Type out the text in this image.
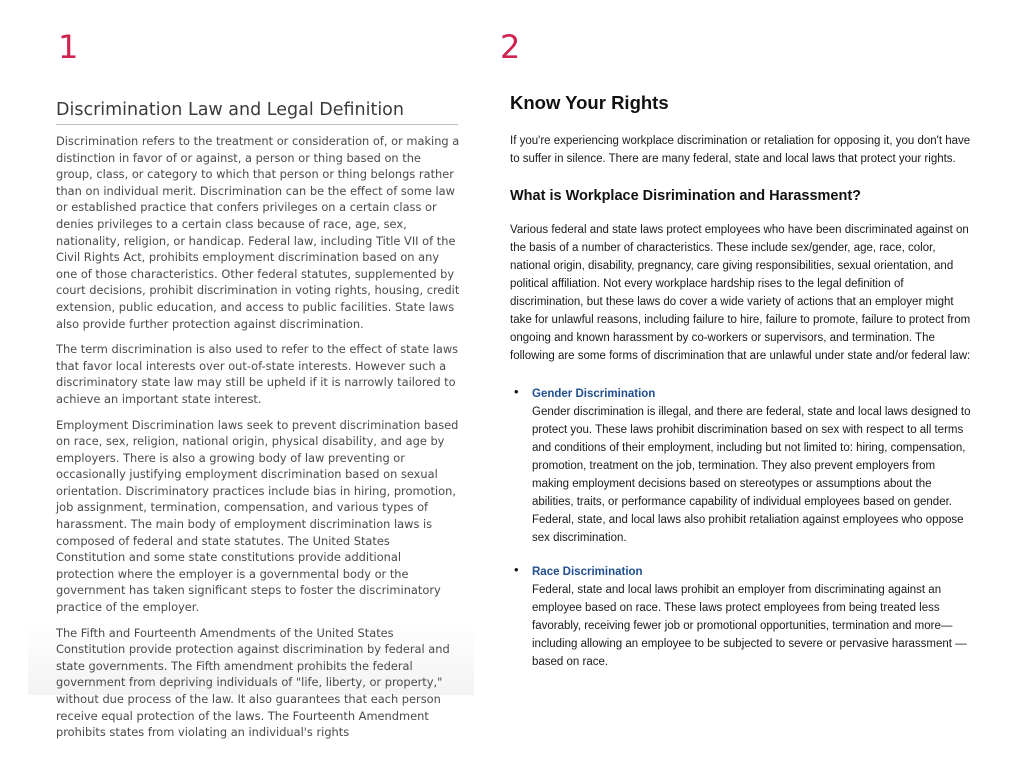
1	2
Discrimination Law and Legal Definition

Discrimination refers to the treatment or consideration of, or making a distinction in favor of or against, a person or thing based on the group, class, or category to which that person or thing belongs rather than on individual merit. Discrimination can be the effect of some law or established practice that confers privileges on a certain class or denies privileges to a certain class because of race, age, sex, nationality, religion, or handicap. Federal law, including Title VII of the Civil Rights Act, prohibits employment discrimination based on any one of those characteristics. Other federal statutes, supplemented by court decisions, prohibit discrimination in voting rights, housing, credit extension, public education, and access to public facilities. State laws also provide further protection against discrimination.

The term discrimination is also used to refer to the effect of state laws that favor local interests over out-of-state interests. However such a discriminatory state law may still be upheld if it is narrowly tailored to achieve an important state interest.

Employment Discrimination laws seek to prevent discrimination based on race, sex, religion, national origin, physical disability, and age by employers. There is also a growing body of law preventing or occasionally justifying employment discrimination based on sexual orientation. Discriminatory practices include bias in hiring, promotion, job assignment, termination, compensation, and various types of harassment. The main body of employment discrimination laws is composed of federal and state statutes. The United States Constitution and some state constitutions provide additional protection where the employer is a governmental body or the government has taken significant steps to foster the discriminatory practice of the employer.

The Fifth and Fourteenth Amendments of the United States Constitution provide protection against discrimination by federal and state governments. The Fifth amendment prohibits the federal government from depriving individuals of "life, liberty, or property," without due process of the law. It also guarantees that each person receive equal protection of the laws. The Fourteenth Amendment prohibits states from violating an individual's rights

Know Your Rights

If you're experiencing workplace discrimination or retaliation for opposing it, you don't have to suffer in silence. There are many federal, state and local laws that protect your rights.

What is Workplace Disrimination and Harassment?

Various federal and state laws protect employees who have been discriminated against on the basis of a number of characteristics. These include sex/gender, age, race, color, national origin, disability, pregnancy, care giving responsibilities, sexual orientation, and political affiliation. Not every workplace hardship rises to the legal definition of discrimination, but these laws do cover a wide variety of actions that an employer might take for unlawful reasons, including failure to hire, failure to promote, failure to protect from ongoing and known harassment by co-workers or supervisors, and termination. The following are some forms of discrimination that are unlawful under state and/or federal law:

• Gender Discrimination
Gender discrimination is illegal, and there are federal, state and local laws designed to protect you. These laws prohibit discrimination based on sex with respect to all terms and conditions of their employment, including but not limited to: hiring, compensation, promotion, treatment on the job, termination. They also prevent employers from making employment decisions based on stereotypes or assumptions about the abilities, traits, or performance capability of individual employees based on gender. Federal, state, and local laws also prohibit retaliation against employees who oppose sex discrimination.
• Race Discrimination
Federal, state and local laws prohibit an employer from discriminating against an employee based on race. These laws protect employees from being treated less favorably, receiving fewer job or promotional opportunities, termination and more—including allowing an employee to be subjected to severe or pervasive harassment —based on race.
